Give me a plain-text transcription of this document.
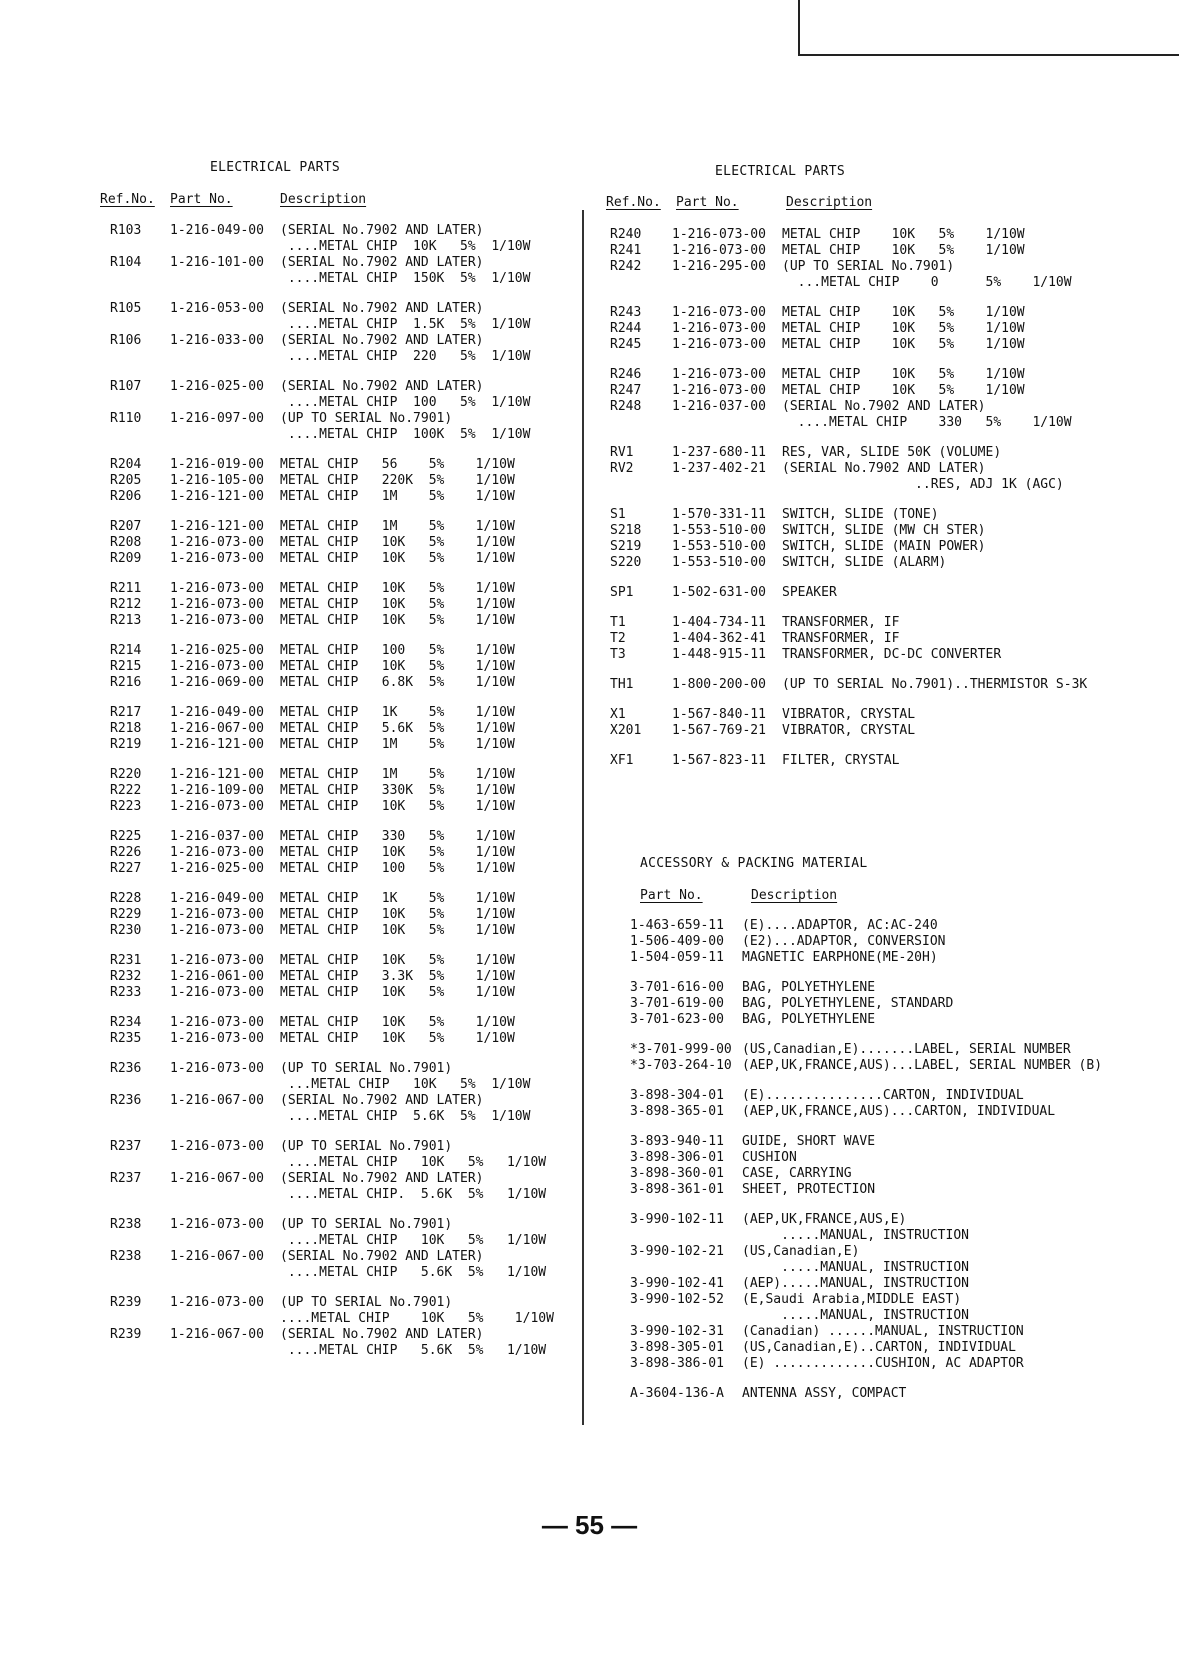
ELECTRICAL PARTS
Ref.No. Part No.	Description
R103 1-216-049-00 (SERIAL No.7902 AND LATER)
....METAL CHIP  10K   5%  1/10W
R104 1-216-101-00 (SERIAL No.7902 AND LATER)
....METAL CHIP  150K  5%  1/10W
R105 1-216-053-00 (SERIAL No.7902 AND LATER)
....METAL CHIP  1.5K  5%  1/10W
R106 1-216-033-00 (SERIAL No.7902 AND LATER)
....METAL CHIP  220   5%  1/10W
R107 1-216-025-00 (SERIAL No.7902 AND LATER)
....METAL CHIP  100   5%  1/10W
R110 1-216-097-00 (UP TO SERIAL No.7901)
....METAL CHIP  100K  5%  1/10W
R204 1-216-019-00 METAL CHIP   56    5%    1/10W
R205 1-216-105-00 METAL CHIP   220K  5%    1/10W
R206 1-216-121-00 METAL CHIP   1M    5%    1/10W
R207 1-216-121-00 METAL CHIP   1M    5%    1/10W
R208 1-216-073-00 METAL CHIP   10K   5%    1/10W
R209 1-216-073-00 METAL CHIP   10K   5%    1/10W
R211 1-216-073-00 METAL CHIP   10K   5%    1/10W
R212 1-216-073-00 METAL CHIP   10K   5%    1/10W
R213 1-216-073-00 METAL CHIP   10K   5%    1/10W
R214 1-216-025-00 METAL CHIP   100   5%    1/10W
R215 1-216-073-00 METAL CHIP   10K   5%    1/10W
R216 1-216-069-00 METAL CHIP   6.8K  5%    1/10W
R217 1-216-049-00 METAL CHIP   1K    5%    1/10W
R218 1-216-067-00 METAL CHIP   5.6K  5%    1/10W
R219 1-216-121-00 METAL CHIP   1M    5%    1/10W
R220 1-216-121-00 METAL CHIP   1M    5%    1/10W
R222 1-216-109-00 METAL CHIP   330K  5%    1/10W
R223 1-216-073-00 METAL CHIP   10K   5%    1/10W
R225 1-216-037-00 METAL CHIP   330   5%    1/10W
R226 1-216-073-00 METAL CHIP   10K   5%    1/10W
R227 1-216-025-00 METAL CHIP   100   5%    1/10W
R228 1-216-049-00 METAL CHIP   1K    5%    1/10W
R229 1-216-073-00 METAL CHIP   10K   5%    1/10W
R230 1-216-073-00 METAL CHIP   10K   5%    1/10W
R231 1-216-073-00 METAL CHIP   10K   5%    1/10W
R232 1-216-061-00 METAL CHIP   3.3K  5%    1/10W
R233 1-216-073-00 METAL CHIP   10K   5%    1/10W
R234 1-216-073-00 METAL CHIP   10K   5%    1/10W
R235 1-216-073-00 METAL CHIP   10K   5%    1/10W
R236 1-216-073-00 (UP TO SERIAL No.7901)
...METAL CHIP   10K   5%  1/10W
R236 1-216-067-00 (SERIAL No.7902 AND LATER)
....METAL CHIP  5.6K  5%  1/10W
R237 1-216-073-00 (UP TO SERIAL No.7901)
....METAL CHIP   10K   5%   1/10W
R237 1-216-067-00 (SERIAL No.7902 AND LATER)
....METAL CHIP.  5.6K  5%   1/10W
R238 1-216-073-00 (UP TO SERIAL No.7901)
....METAL CHIP   10K   5%   1/10W
R238 1-216-067-00 (SERIAL No.7902 AND LATER)
....METAL CHIP   5.6K  5%   1/10W
R239 1-216-073-00 (UP TO SERIAL No.7901)
....METAL CHIP    10K   5%    1/10W
R239 1-216-067-00 (SERIAL No.7902 AND LATER)
....METAL CHIP   5.6K  5%   1/10W
ELECTRICAL PARTS
Ref.No. Part No.	Description
R240 1-216-073-00 METAL CHIP    10K   5%    1/10W
R241 1-216-073-00 METAL CHIP    10K   5%    1/10W
R242 1-216-295-00 (UP TO SERIAL No.7901)
...METAL CHIP    0      5%    1/10W
R243 1-216-073-00 METAL CHIP    10K   5%    1/10W
R244 1-216-073-00 METAL CHIP    10K   5%    1/10W
R245 1-216-073-00 METAL CHIP    10K   5%    1/10W
R246 1-216-073-00 METAL CHIP    10K   5%    1/10W
R247 1-216-073-00 METAL CHIP    10K   5%    1/10W
R248 1-216-037-00 (SERIAL No.7902 AND LATER)
....METAL CHIP    330   5%    1/10W
RV1	1-237-680-11 RES, VAR, SLIDE 50K (VOLUME)
RV2	1-237-402-21 (SERIAL No.7902 AND LATER)
..RES, ADJ 1K (AGC)
S1	1-570-331-11 SWITCH, SLIDE (TONE)
S218 1-553-510-00 SWITCH, SLIDE (MW CH STER)
S219 1-553-510-00 SWITCH, SLIDE (MAIN POWER)
S220 1-553-510-00 SWITCH, SLIDE (ALARM)
SP1	1-502-631-00 SPEAKER
T1	1-404-734-11 TRANSFORMER, IF
T2	1-404-362-41 TRANSFORMER, IF
T3	1-448-915-11 TRANSFORMER, DC-DC CONVERTER
TH1	1-800-200-00 (UP TO SERIAL No.7901)..THERMISTOR S-3K
X1	1-567-840-11 VIBRATOR, CRYSTAL
X201 1-567-769-21 VIBRATOR, CRYSTAL
XF1	1-567-823-11 FILTER, CRYSTAL
ACCESSORY & PACKING MATERIAL
Part No.	Description
1-463-659-11 (E)....ADAPTOR, AC:AC-240
1-506-409-00 (E2)...ADAPTOR, CONVERSION
1-504-059-11 MAGNETIC EARPHONE(ME-20H)
3-701-616-00 BAG, POLYETHYLENE
3-701-619-00 BAG, POLYETHYLENE, STANDARD
3-701-623-00 BAG, POLYETHYLENE
*3-701-999-00 (US,Canadian,E).......LABEL, SERIAL NUMBER
*3-703-264-10 (AEP,UK,FRANCE,AUS)...LABEL, SERIAL NUMBER (B)
3-898-304-01 (E)...............CARTON, INDIVIDUAL
3-898-365-01 (AEP,UK,FRANCE,AUS)...CARTON, INDIVIDUAL
3-893-940-11 GUIDE, SHORT WAVE
3-898-306-01 CUSHION
3-898-360-01 CASE, CARRYING
3-898-361-01 SHEET, PROTECTION
3-990-102-11 (AEP,UK,FRANCE,AUS,E)
.....MANUAL, INSTRUCTION
3-990-102-21 (US,Canadian,E)
.....MANUAL, INSTRUCTION
3-990-102-41 (AEP).....MANUAL, INSTRUCTION
3-990-102-52 (E,Saudi Arabia,MIDDLE EAST)
.....MANUAL, INSTRUCTION
3-990-102-31 (Canadian) ......MANUAL, INSTRUCTION
3-898-305-01 (US,Canadian,E)..CARTON, INDIVIDUAL
3-898-386-01 (E) .............CUSHION, AC ADAPTOR
A-3604-136-A ANTENNA ASSY, COMPACT
— 55 —
